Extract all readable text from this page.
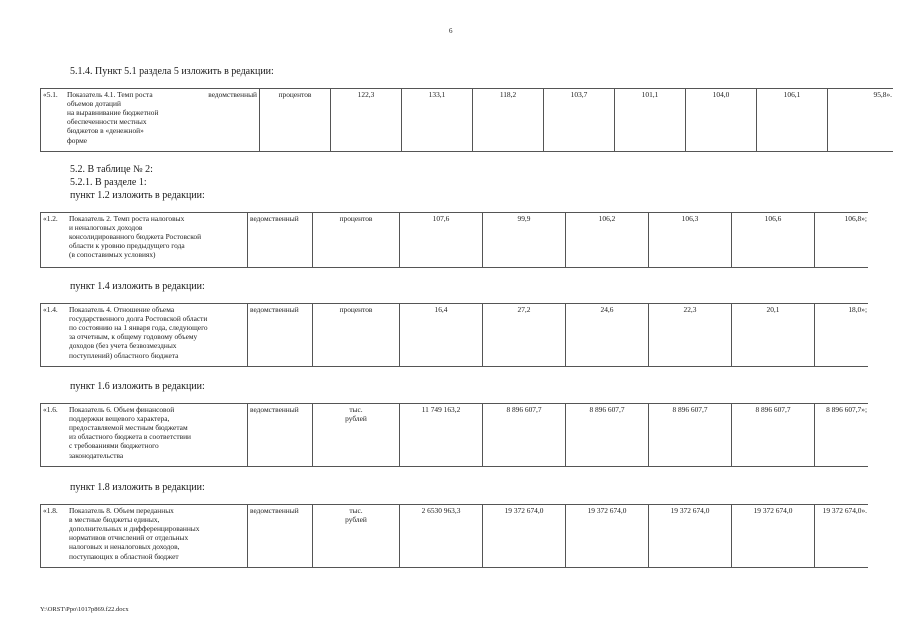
6
5.1.4. Пункт 5.1 раздела 5 изложить в редакции:
«5.1.	Показатель 4.1. Темп роста
объемов дотаций
на выравнивание бюджетной
обеспеченности местных
бюджетов в «денежной»
форме	ведомственный	процентов	122,3	133,1	118,2	103,7	101,1	104,0	106,1	95,8».
5.2. В таблице № 2:
5.2.1. В разделе 1:
пункт 1.2 изложить в редакции:
«1.2.	Показатель 2. Темп роста налоговых
и неналоговых доходов
консолидированного бюджета Ростовской
области к уровню предыдущего года
(в сопоставимых условиях)	ведомственный	процентов	107,6	99,9	106,2	106,3	106,6	106,8»;
пункт 1.4 изложить в редакции:
«1.4.	Показатель 4. Отношение объема
государственного долга Ростовской области
по состоянию на 1 января года, следующего
за отчетным, к общему годовому объему
доходов (без учета безвозмездных
поступлений) областного бюджета	ведомственный	процентов	16,4	27,2	24,6	22,3	20,1	18,0»;
пункт 1.6 изложить в редакции:
«1.6.	Показатель 6. Объем финансовой
поддержки вещевого характера,
предоставляемой местным бюджетам
из областного бюджета в соответствии
с требованиями бюджетного
законодательства	ведомственный	тыс.
рублей	11 749 163,2	8 896 607,7	8 896 607,7	8 896 607,7	8 896 607,7	8 896 607,7»;
пункт 1.8 изложить в редакции:
«1.8.	Показатель 8. Объем переданных
в местные бюджеты единых,
дополнительных и дифференцированных
нормативов отчислений от отдельных
налоговых и неналоговых доходов,
поступающих в областной бюджет	ведомственный	тыс.
рублей	2 6530 963,3	19 372 674,0	19 372 674,0	19 372 674,0	19 372 674,0	19 372 674,0».
Y:\ORST\Ppo\1017p869.f22.docx
